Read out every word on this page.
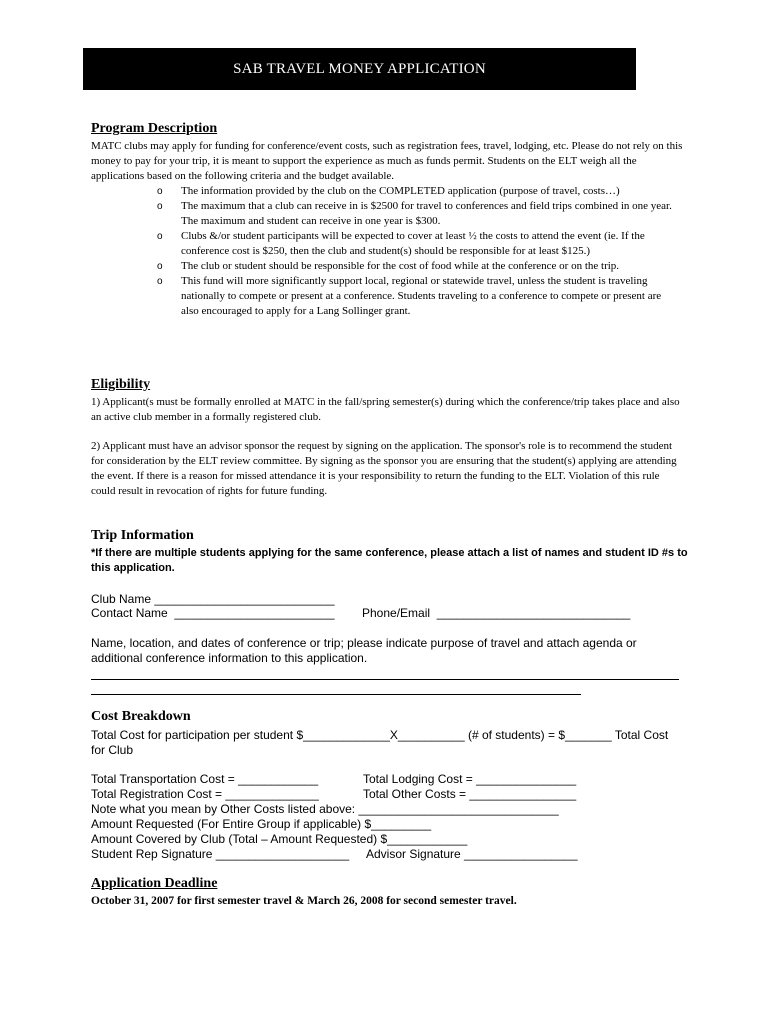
SAB TRAVEL MONEY APPLICATION
Program Description

MATC clubs may apply for funding for conference/event costs, such as registration fees, travel, lodging, etc. Please do not rely on this money to pay for your trip, it is meant to support the experience as much as funds permit. Students on the ELT weigh all the applications based on the following criteria and the budget available.

o The information provided by the club on the COMPLETED application (purpose of travel, costs…)
o The maximum that a club can receive in is $2500 for travel to conferences and field trips combined in one year. The maximum and student can receive in one year is $300.
o Clubs &/or student participants will be expected to cover at least ½ the costs to attend the event (ie. If the conference cost is $250, then the club and student(s) should be responsible for at least $125.)
o The club or student should be responsible for the cost of food while at the conference or on the trip.
o This fund will more significantly support local, regional or statewide travel, unless the student is traveling nationally to compete or present at a conference. Students traveling to a conference to compete or present are also encouraged to apply for a Lang Sollinger grant.
Eligibility

1) Applicant(s must be formally enrolled at MATC in the fall/spring semester(s) during which the conference/trip takes place and also an active club member in a formally registered club.

2) Applicant must have an advisor sponsor the request by signing on the application. The sponsor's role is to recommend the student for consideration by the ELT review committee. By signing as the sponsor you are ensuring that the student(s) applying are attending the event. If there is a reason for missed attendance it is your responsibility to return the funding to the ELT. Violation of this rule could result in revocation of rights for future funding.

Trip Information
*If there are multiple students applying for the same conference, please attach a list of names and student ID #s to this application.
Club Name ___________________________
Contact Name  ________________________ Phone/Email  _____________________________
Name, location, and dates of conference or trip; please indicate purpose of travel and attach agenda or additional conference information to this application.
Cost Breakdown
Total Cost for participation per student $_____________X__________ (# of students) = $_______ Total Cost for Club
Total Transportation Cost = ____________	Total Lodging Cost = _______________
Total Registration Cost = ______________	Total Other Costs = ________________
Note what you mean by Other Costs listed above: ______________________________
Amount Requested (For Entire Group if applicable) $_________
Amount Covered by Club (Total – Amount Requested) $____________
Student Rep Signature ____________________ Advisor Signature _________________
Application Deadline
October 31, 2007 for first semester travel & March 26, 2008 for second semester travel.
